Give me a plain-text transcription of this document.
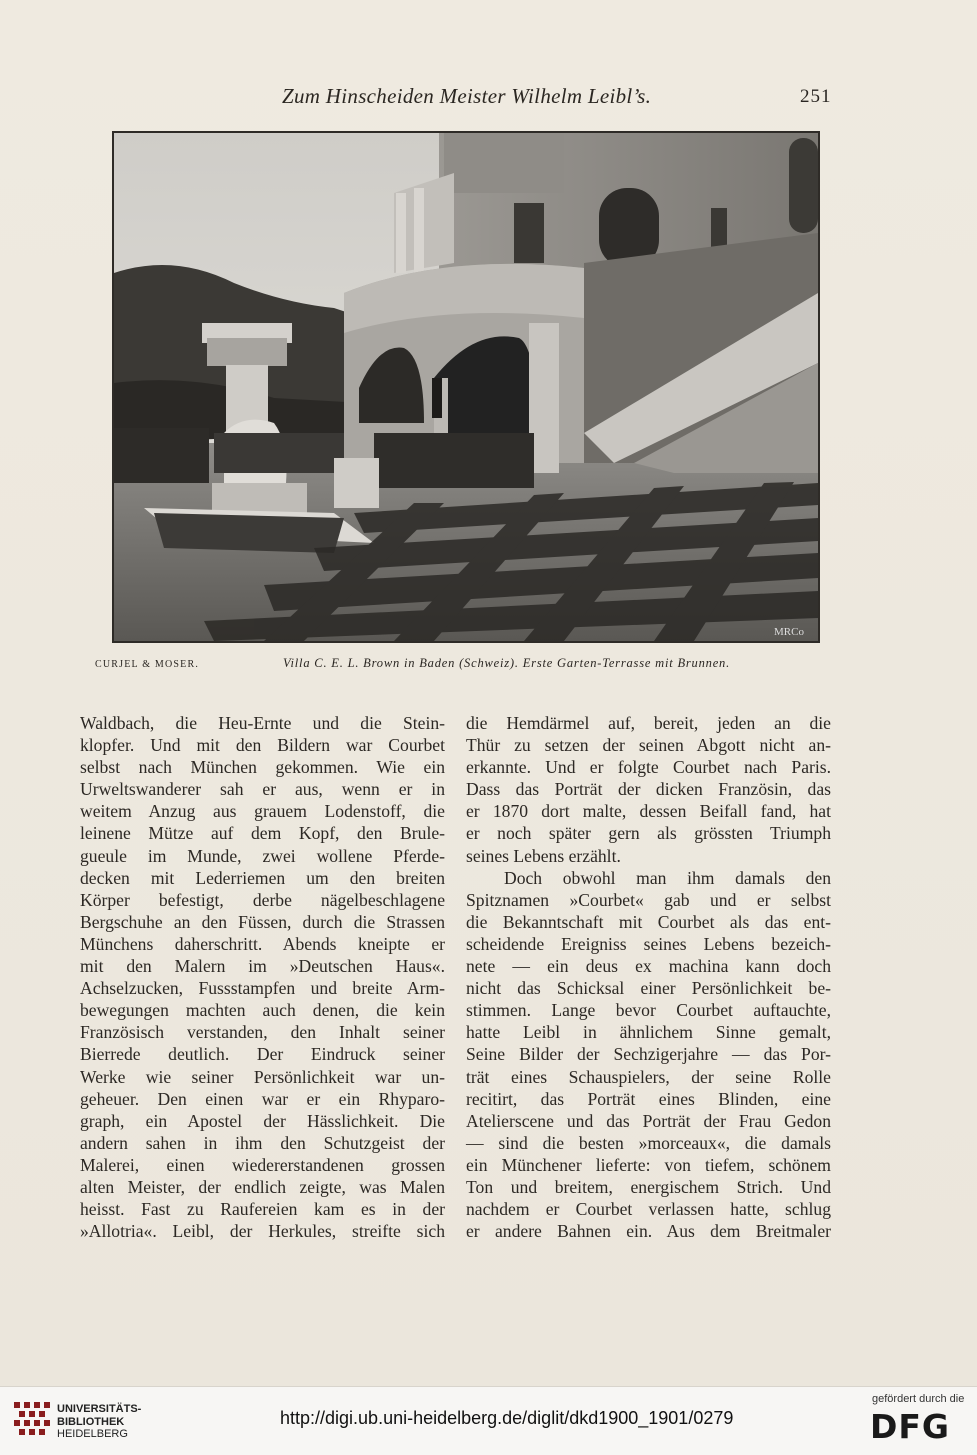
Zum Hinscheiden Meister Wilhelm Leibl’s.	251
MRCo
CURJEL & MOSER.	Villa C. E. L. Brown in Baden (Schweiz). Erste Garten-Terrasse mit Brunnen.
Waldbach, die Heu-Ernte und die Stein-
klopfer. Und mit den Bildern war Courbet
selbst nach München gekommen. Wie ein
Urweltswanderer sah er aus, wenn er in
weitem Anzug aus grauem Lodenstoff, die
leinene Mütze auf dem Kopf, den Brule-
gueule im Munde, zwei wollene Pferde-
decken mit Lederriemen um den breiten
Körper befestigt, derbe nägelbeschlagene
Bergschuhe an den Füssen, durch die Strassen
Münchens daherschritt. Abends kneipte er
mit den Malern im »Deutschen Haus«.
Achselzucken, Fussstampfen und breite Arm-
bewegungen machten auch denen, die kein
Französisch verstanden, den Inhalt seiner
Bierrede deutlich. Der Eindruck seiner
Werke wie seiner Persönlichkeit war un-
geheuer. Den einen war er ein Rhyparo-
graph, ein Apostel der Hässlichkeit. Die
andern sahen in ihm den Schutzgeist der
Malerei, einen wiedererstandenen grossen
alten Meister, der endlich zeigte, was Malen
heisst. Fast zu Raufereien kam es in der
»Allotria«. Leibl, der Herkules, streifte sich
die Hemdärmel auf, bereit, jeden an die
Thür zu setzen der seinen Abgott nicht an-
erkannte. Und er folgte Courbet nach Paris.
Dass das Porträt der dicken Französin, das
er 1870 dort malte, dessen Beifall fand, hat
er noch später gern als grössten Triumph
seines Lebens erzählt.
Doch obwohl man ihm damals den
Spitznamen »Courbet« gab und er selbst
die Bekanntschaft mit Courbet als das ent-
scheidende Ereigniss seines Lebens bezeich-
nete — ein deus ex machina kann doch
nicht das Schicksal einer Persönlichkeit be-
stimmen. Lange bevor Courbet auftauchte,
hatte Leibl in ähnlichem Sinne gemalt,
Seine Bilder der Sechzigerjahre — das Por-
trät eines Schauspielers, der seine Rolle
recitirt, das Porträt eines Blinden, eine
Atelierscene und das Porträt der Frau Gedon
— sind die besten »morceaux«, die damals
ein Münchener lieferte: von tiefem, schönem
Ton und breitem, energischem Strich. Und
nachdem er Courbet verlassen hatte, schlug
er andere Bahnen ein. Aus dem Breitmaler
UNIVERSITÄTS-
BIBLIOTHEK
HEIDELBERG
http://digi.ub.uni-heidelberg.de/diglit/dkd1900_1901/0279
gefördert durch die
DFG
